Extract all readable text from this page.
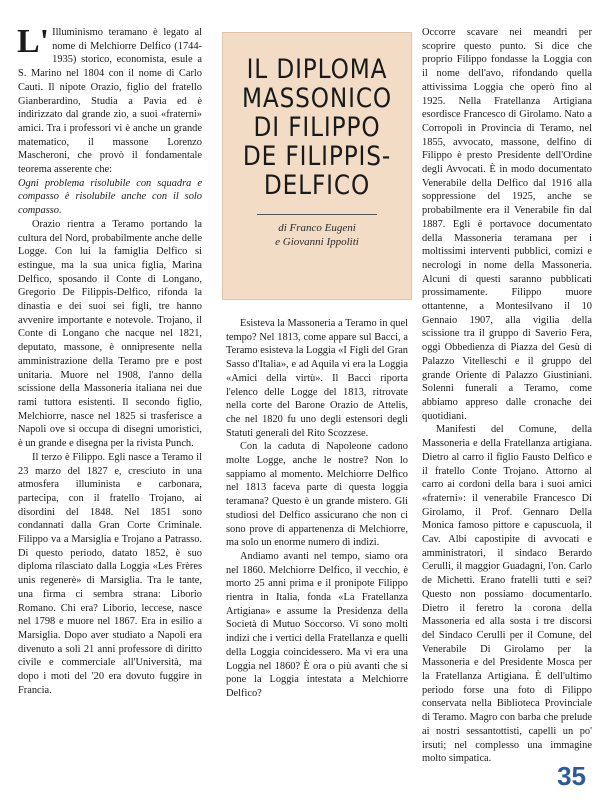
L' Illuminismo teramano è legato al nome di Melchiorre Delfico (1744-1935) storico, economista, esule a S. Marino nel 1804 con il nome di Carlo Cauti. Il nipote Orazio, figlio del fratello Gianberardino, Studia a Pavia ed è indirizzato dal grande zio, a suoi «fraterni» amici. Tra i professori vi è anche un grande matematico, il massone Lorenzo Mascheroni, che provò il fondamentale teorema asserente che:

Ogni problema risolubile con squadra e compasso è risolubile anche con il solo compasso.

Orazio rientra a Teramo portando la cultura del Nord, probabilmente anche delle Logge. Con lui la famiglia Delfico si estingue, ma la sua unica figlia, Marina Delfico, sposando il Conte di Longano, Gregorio De Filippis-Delfico, rifonda la dinastia e dei suoi sei figli, tre hanno avvenire importante e notevole. Trojano, il Conte di Longano che nacque nel 1821, deputato, massone, è onnipresente nella amministrazione della Teramo pre e post unitaria. Muore nel 1908, l'anno della scissione della Massoneria italiana nei due rami tuttora esistenti. Il secondo figlio, Melchiorre, nasce nel 1825 si trasferisce a Napoli ove si occupa di disegni umoristici, è un grande e disegna per la rivista Punch.

Il terzo è Filippo. Egli nasce a Teramo il 23 marzo del 1827 e, cresciuto in una atmosfera illuminista e carbonara, partecipa, con il fratello Trojano, ai disordini del 1848. Nel 1851 sono condannati dalla Gran Corte Criminale. Filippo va a Marsiglia e Trojano a Patrasso. Di questo periodo, datato 1852, è suo diploma rilasciato dalla Loggia «Les Frères unis regenerè» di Marsiglia. Tra le tante, una firma ci sembra strana: Liborio Romano. Chi era? Liborio, leccese, nasce nel 1798 e muore nel 1867. Era in esilio a Marsiglia. Dopo aver studiato a Napoli era divenuto a soli 21 anni professore di diritto civile e commerciale all'Università, ma dopo i moti del '20 era dovuto fuggire in Francia.

IL DIPLOMA
MASSONICO
DI FILIPPO
DE FILIPPIS-
DELFICO
di Franco Eugeni
e Giovanni Ippoliti

Esisteva la Massoneria a Teramo in quel tempo? Nel 1813, come appare sul Bacci, a Teramo esisteva la Loggia «I Figli del Gran Sasso d'Italia», e ad Aquila vi era la Loggia «Amici della virtù». Il Bacci riporta l'elenco delle Logge del 1813, ritrovate nella corte del Barone Orazio de Attelis, che nel 1820 fu uno degli estensori degli Statuti generali del Rito Scozzese.

Con la caduta di Napoleone cadono molte Logge, anche le nostre? Non lo sappiamo al momento. Melchiorre Delfico nel 1813 faceva parte di questa loggia teramana? Questo è un grande mistero. Gli studiosi del Delfico assicurano che non ci sono prove di appartenenza di Melchiorre, ma solo un enorme numero di indizi.

Andiamo avanti nel tempo, siamo ora nel 1860. Melchiorre Delfico, il vecchio, è morto 25 anni prima e il pronipote Filippo rientra in Italia, fonda «La Fratellanza Artigiana» e assume la Presidenza della Società di Mutuo Soccorso. Vi sono molti indizi che i vertici della Fratellanza e quelli della Loggia coincidessero. Ma vi era una Loggia nel 1860? È ora o più avanti che si pone la Loggia intestata a Melchiorre Delfico?

Occorre scavare nei meandri per scoprire questo punto. Si dice che proprio Filippo fondasse la Loggia con il nome dell'avo, rifondando quella attivissima Loggia che operò fino al 1925. Nella Fratellanza Artigiana esordisce Francesco di Girolamo. Nato a Corropoli in Provincia di Teramo, nel 1855, avvocato, massone, delfino di Filippo è presto Presidente dell'Ordine degli Avvocati. È in modo documentato Venerabile della Delfico dal 1916 alla soppressione del 1925, anche se probabilmente era il Venerabile fin dal 1887. Egli è portavoce documentato della Massoneria teramana per i moltissimi interventi pubblici, comizi e necrologi in nome della Massoneria. Alcuni di questi saranno pubblicati prossimamente. Filippo muore ottantenne, a Montesilvano il 10 Gennaio 1907, alla vigilia della scissione tra il gruppo di Saverio Fera, oggi Obbedienza di Piazza del Gesù di Palazzo Vitelleschi e il gruppo del grande Oriente di Palazzo Giustiniani. Solenni funerali a Teramo, come abbiamo appreso dalle cronache dei quotidiani.

Manifesti del Comune, della Massoneria e della Fratellanza artigiana. Dietro al carro il figlio Fausto Delfico e il fratello Conte Trojano. Attorno al carro ai cordoni della bara i suoi amici «fraterni»: il venerabile Francesco Di Girolamo, il Prof. Gennaro Della Monica famoso pittore e capuscuola, il Cav. Albi capostipite di avvocati e amministratori, il sindaco Berardo Cerulli, il maggior Guadagni, l'on. Carlo de Michetti. Erano fratelli tutti e sei? Questo non possiamo documentarlo. Dietro il feretro la corona della Massoneria ed alla sosta i tre discorsi del Sindaco Cerulli per il Comune, del Venerabile Di Girolamo per la Massoneria e del Presidente Mosca per la Fratellanza Artigiana. È dell'ultimo periodo forse una foto di Filippo conservata nella Biblioteca Provinciale di Teramo. Magro con barba che prelude ai nostri sessantottisti, capelli un po' irsuti; nel complesso una immagine molto simpatica.

35
